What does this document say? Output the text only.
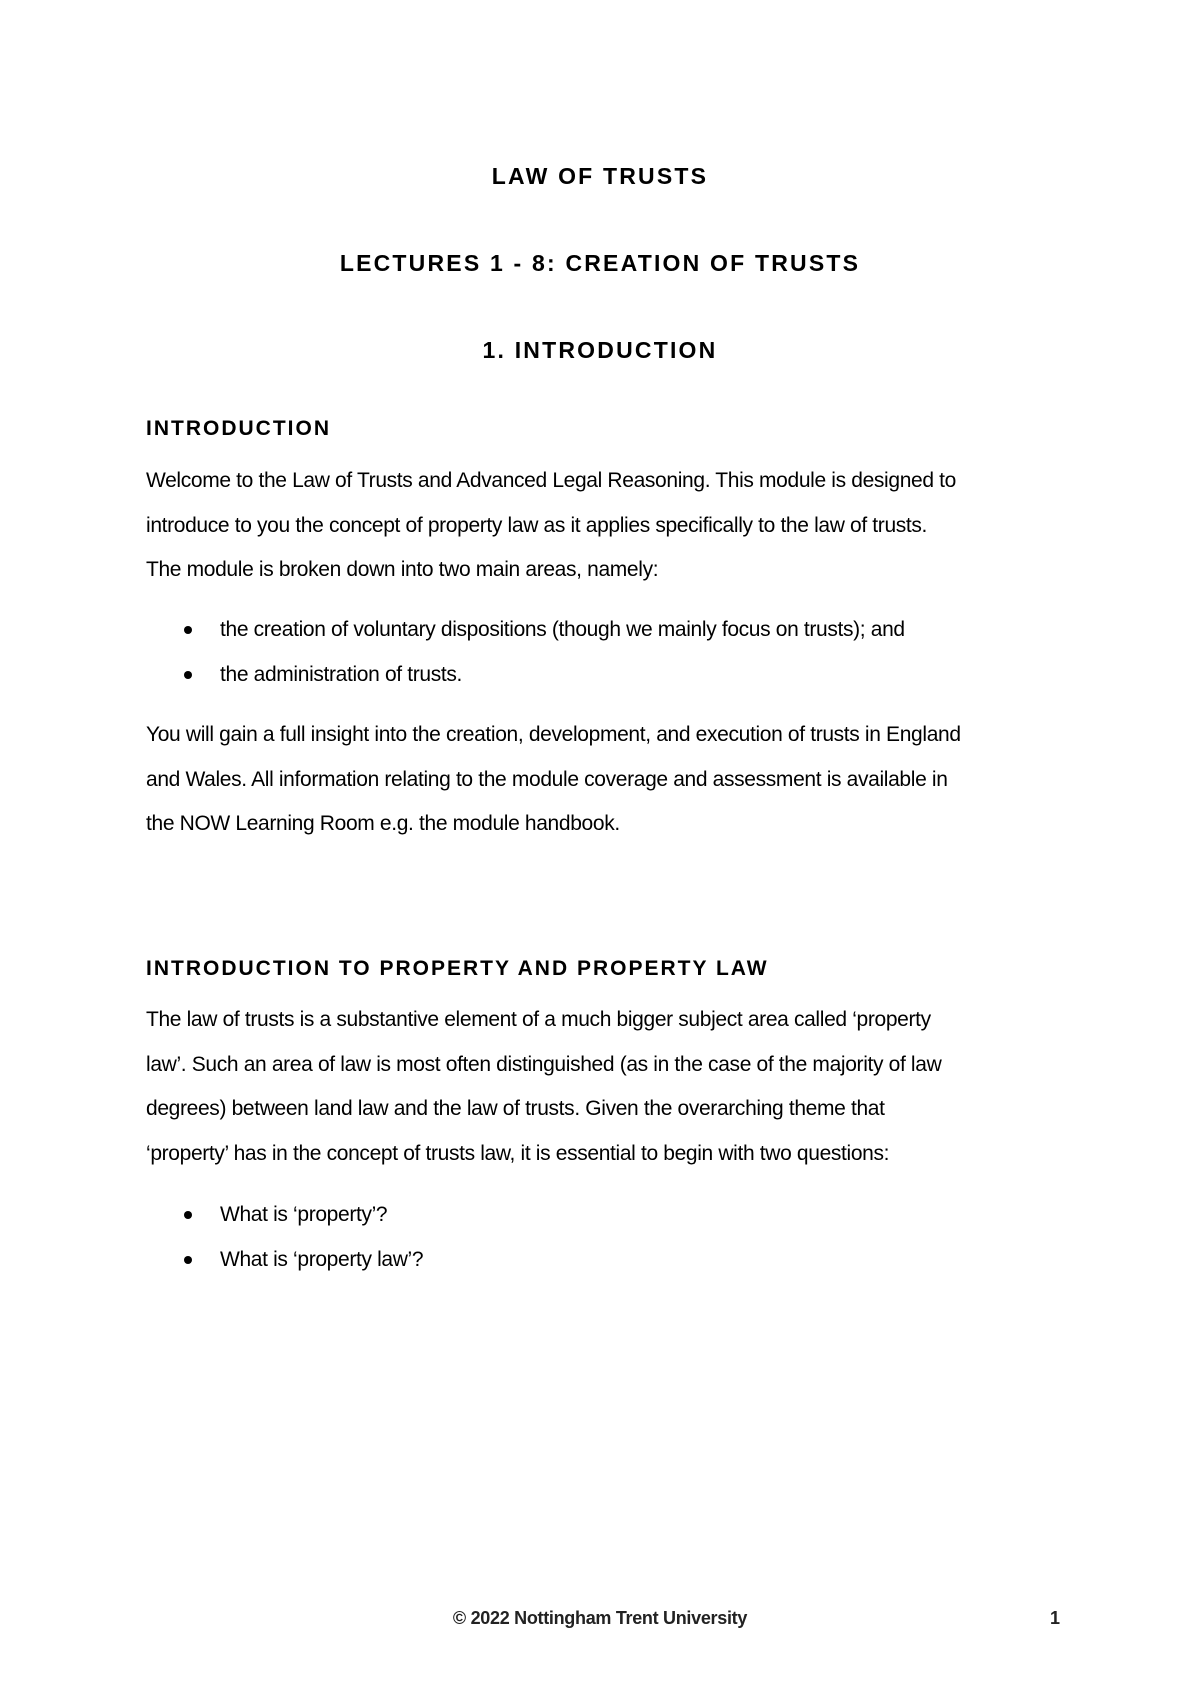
LAW OF TRUSTS
LECTURES 1 - 8: CREATION OF TRUSTS
1. INTRODUCTION
INTRODUCTION
Welcome to the Law of Trusts and Advanced Legal Reasoning. This module is designed to
introduce to you the concept of property law as it applies specifically to the law of trusts.
The module is broken down into two main areas, namely:
the creation of voluntary dispositions (though we mainly focus on trusts); and
the administration of trusts.
You will gain a full insight into the creation, development, and execution of trusts in England
and Wales. All information relating to the module coverage and assessment is available in
the NOW Learning Room e.g. the module handbook.
INTRODUCTION TO PROPERTY AND PROPERTY LAW
The law of trusts is a substantive element of a much bigger subject area called ‘property
law’. Such an area of law is most often distinguished (as in the case of the majority of law
degrees) between land law and the law of trusts. Given the overarching theme that
‘property’ has in the concept of trusts law, it is essential to begin with two questions:
What is ‘property’?
What is ‘property law’?
© 2022 Nottingham Trent University	1
